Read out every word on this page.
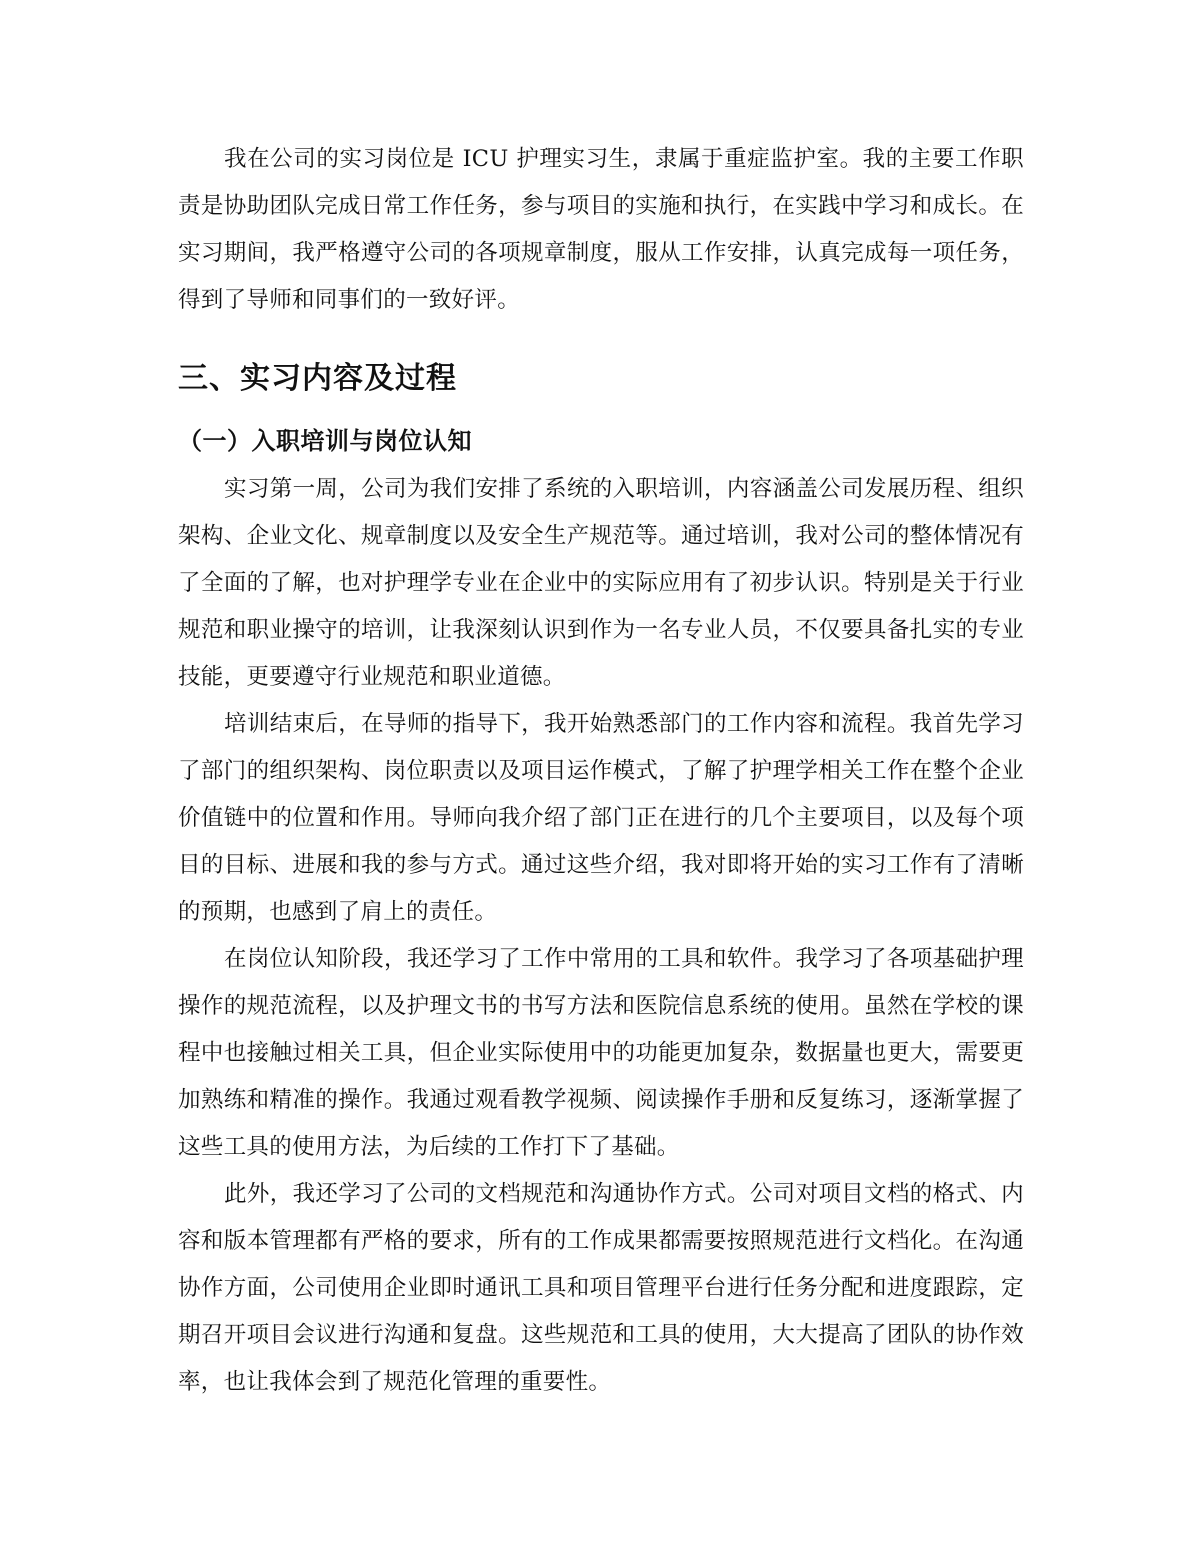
我在公司的实习岗位是 ICU 护理实习生，隶属于重症监护室。我的主要工作职责是协助团队完成日常工作任务，参与项目的实施和执行，在实践中学习和成长。在实习期间，我严格遵守公司的各项规章制度，服从工作安排，认真完成每一项任务，得到了导师和同事们的一致好评。

三、实习内容及过程
（一）入职培训与岗位认知

实习第一周，公司为我们安排了系统的入职培训，内容涵盖公司发展历程、组织架构、企业文化、规章制度以及安全生产规范等。通过培训，我对公司的整体情况有了全面的了解，也对护理学专业在企业中的实际应用有了初步认识。特别是关于行业规范和职业操守的培训，让我深刻认识到作为一名专业人员，不仅要具备扎实的专业技能，更要遵守行业规范和职业道德。

培训结束后，在导师的指导下，我开始熟悉部门的工作内容和流程。我首先学习了部门的组织架构、岗位职责以及项目运作模式，了解了护理学相关工作在整个企业价值链中的位置和作用。导师向我介绍了部门正在进行的几个主要项目，以及每个项目的目标、进展和我的参与方式。通过这些介绍，我对即将开始的实习工作有了清晰的预期，也感到了肩上的责任。

在岗位认知阶段，我还学习了工作中常用的工具和软件。我学习了各项基础护理操作的规范流程，以及护理文书的书写方法和医院信息系统的使用。虽然在学校的课程中也接触过相关工具，但企业实际使用中的功能更加复杂，数据量也更大，需要更加熟练和精准的操作。我通过观看教学视频、阅读操作手册和反复练习，逐渐掌握了这些工具的使用方法，为后续的工作打下了基础。

此外，我还学习了公司的文档规范和沟通协作方式。公司对项目文档的格式、内容和版本管理都有严格的要求，所有的工作成果都需要按照规范进行文档化。在沟通协作方面，公司使用企业即时通讯工具和项目管理平台进行任务分配和进度跟踪，定期召开项目会议进行沟通和复盘。这些规范和工具的使用，大大提高了团队的协作效率，也让我体会到了规范化管理的重要性。
